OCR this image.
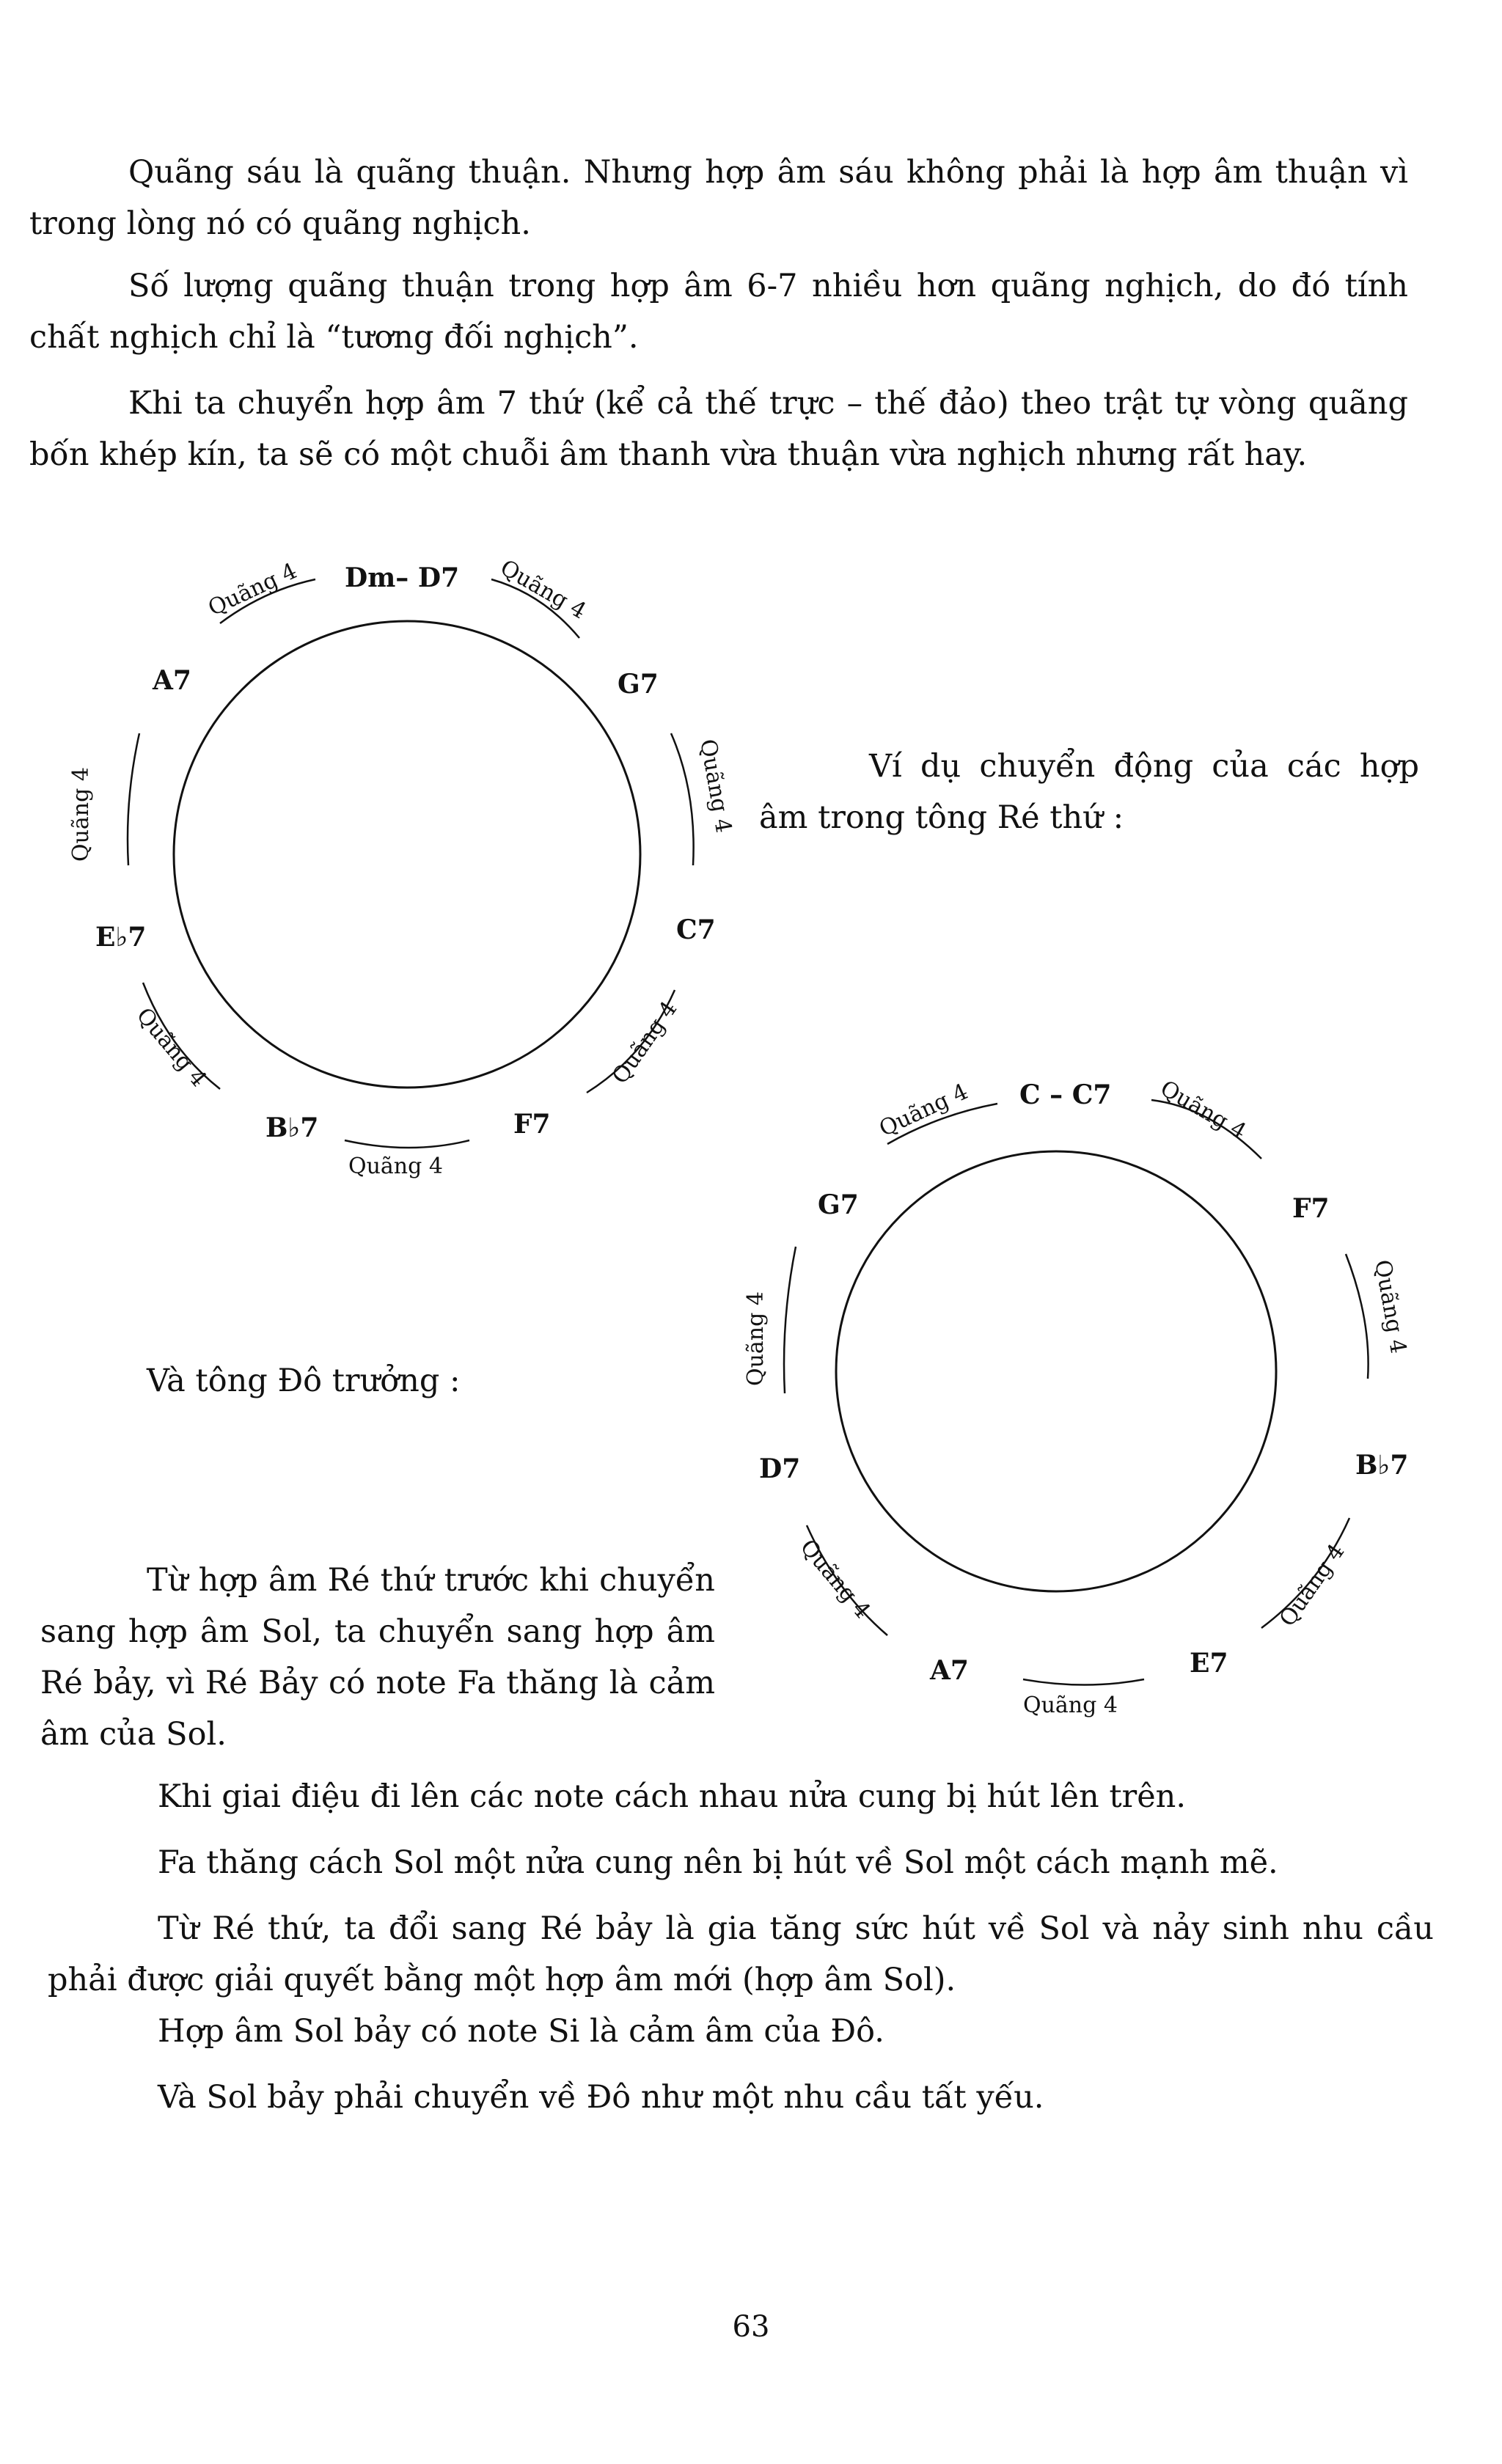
Quãng sáu là quãng thuận. Nhưng hợp âm sáu không phải là hợp âm thuận vì trong lòng nó có quãng nghịch.

Số lượng quãng thuận trong hợp âm 6-7 nhiều hơn quãng nghịch, do đó tính chất nghịch chỉ là “tương đối nghịch”.

Khi ta chuyển hợp âm 7 thứ (kể cả thế trực – thế đảo) theo trật tự vòng quãng bốn khép kín, ta sẽ có một chuỗi âm thanh vừa thuận vừa nghịch nhưng rất hay.

Ví dụ chuyển động của các hợp âm trong tông Ré thứ :

Và tông Đô trưởng :

Từ hợp âm Ré thứ trước khi chuyển sang hợp âm Sol, ta chuyển sang hợp âm Ré bảy, vì Ré Bảy có note Fa thăng là cảm âm của Sol.

Khi giai điệu đi lên các note cách nhau nửa cung bị hút lên trên.

Fa thăng cách Sol một nửa cung nên bị hút về Sol một cách mạnh mẽ.

Từ Ré thứ, ta đổi sang Ré bảy là gia tăng sức hút về Sol và nảy sinh nhu cầu phải được giải quyết bằng một hợp âm mới (hợp âm Sol).

Hợp âm Sol bảy có note Si là cảm âm của Đô.

Và Sol bảy phải chuyển về Đô như một nhu cầu tất yếu.

Dm– D7
G7
C7
F7
B♭7
E♭7
A7
Quãng 4	Quãng 4
Quãng 4
Quãng 4
Quãng 4
Quãng 4
Quãng 4
C – C7
F7
B♭7
E7
A7
D7
G7
Quãng 4	Quãng 4
Quãng 4
Quãng 4
Quãng 4
Quãng 4
Quãng 4
63
